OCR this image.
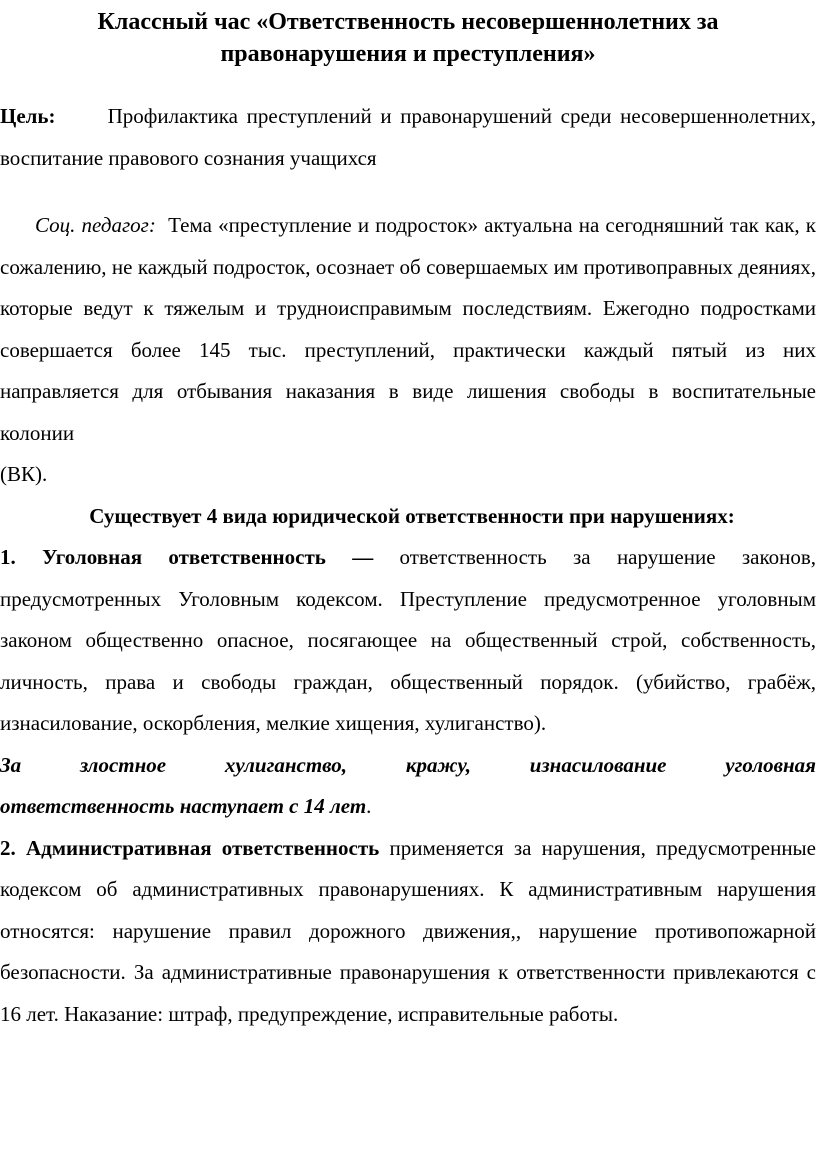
Классный час «Ответственность несовершеннолетних за
правонарушения и преступления»

Цель: Профилактика преступлений и правонарушений среди несовершеннолетних, воспитание правового сознания учащихся

Соц. педагог: Тема «преступление и подросток» актуальна на сегодняшний так как, к сожалению, не каждый подросток, осознает об совершаемых им противоправных деяниях, которые ведут к тяжелым и трудноисправимым последствиям. Ежегодно подростками совершается более 145 тыс. преступлений, практически каждый пятый из них направляется для отбывания наказания в виде лишения свободы в воспитательные колонии

(ВК).

Существует 4 вида юридической ответственности при нарушениях:

1. Уголовная ответственность — ответственность за нарушение законов, предусмотренных Уголовным кодексом. Преступление предусмотренное уголовным законом общественно опасное, посягающее на общественный строй, собственность, личность, права и свободы граждан, общественный порядок. (убийство, грабёж, изнасилование, оскорбления, мелкие хищения, хулиганство).

За злостное хулиганство, кражу, изнасилование уголовная

ответственность наступает с 14 лет.

2. Административная ответственность применяется за нарушения, предусмотренные кодексом об административных правонарушениях. К административным нарушения относятся: нарушение правил дорожного движения,, нарушение противопожарной безопасности. За административные правонарушения к ответственности привлекаются с 16 лет. Наказание: штраф, предупреждение, исправительные работы.
